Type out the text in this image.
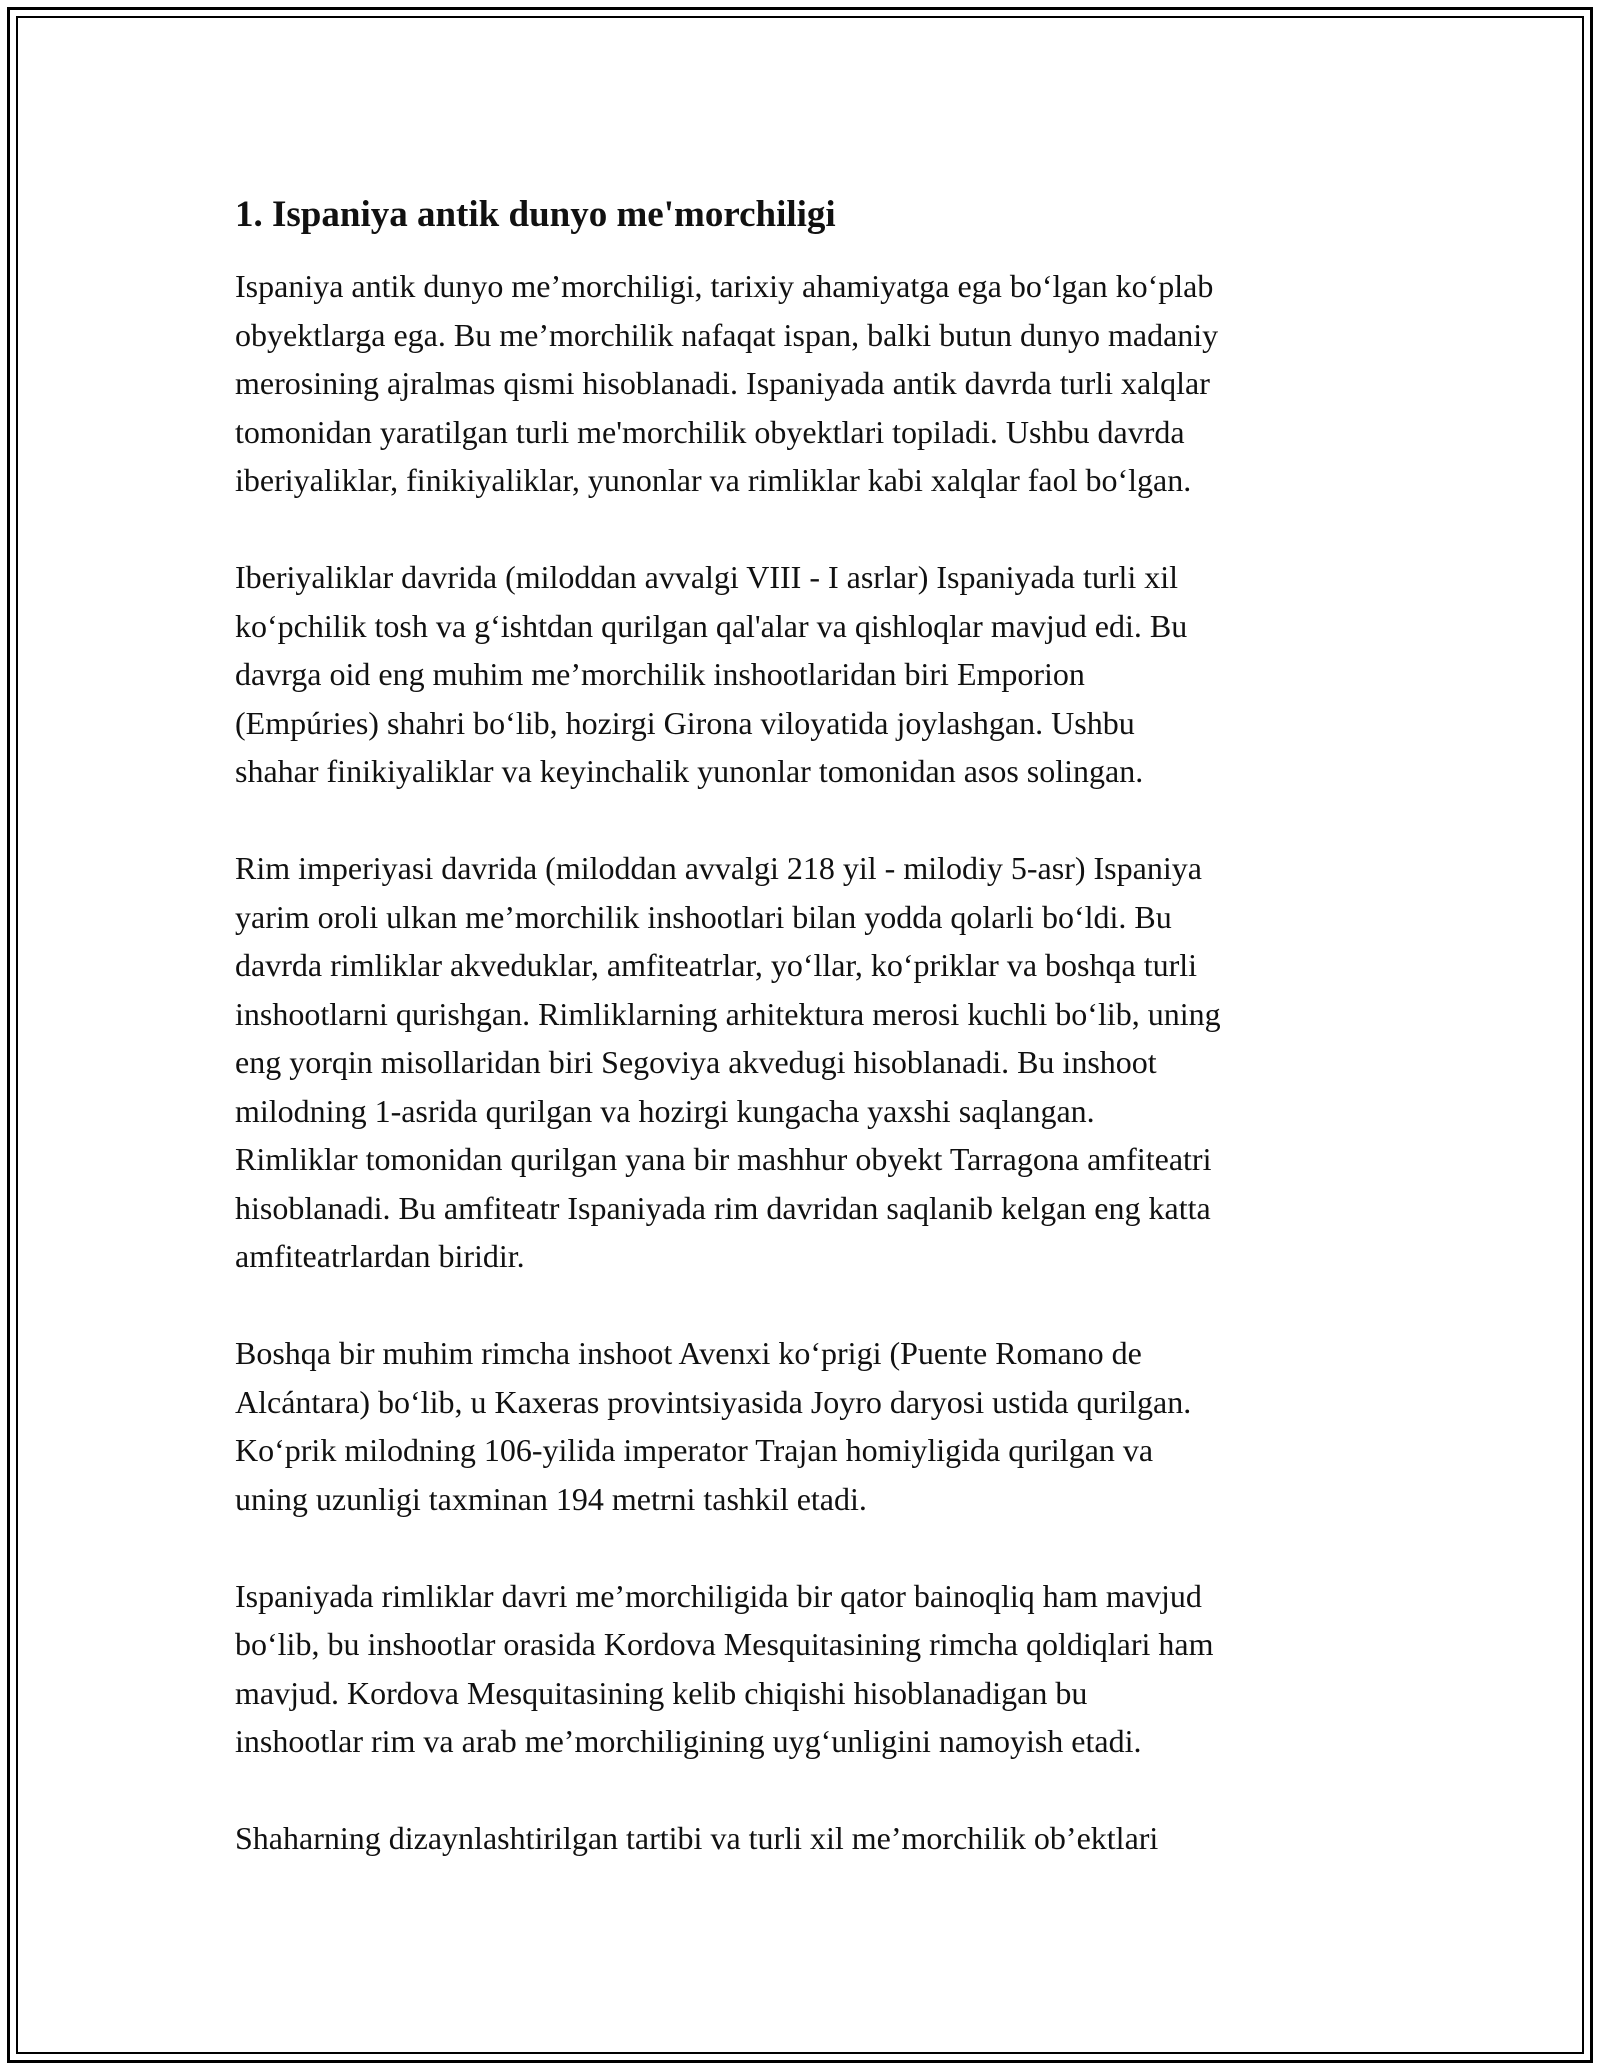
1. Ispaniya antik dunyo me'morchiligi

Ispaniya antik dunyo me’morchiligi, tarixiy ahamiyatga ega bo‘lgan ko‘plab
obyektlarga ega. Bu me’morchilik nafaqat ispan, balki butun dunyo madaniy
merosining ajralmas qismi hisoblanadi. Ispaniyada antik davrda turli xalqlar
tomonidan yaratilgan turli me'morchilik obyektlari topiladi. Ushbu davrda
iberiyaliklar, finikiyaliklar, yunonlar va rimliklar kabi xalqlar faol bo‘lgan.

Iberiyaliklar davrida (miloddan avvalgi VIII - I asrlar) Ispaniyada turli xil
ko‘pchilik tosh va g‘ishtdan qurilgan qal'alar va qishloqlar mavjud edi. Bu
davrga oid eng muhim me’morchilik inshootlaridan biri Emporion
(Empúries) shahri bo‘lib, hozirgi Girona viloyatida joylashgan. Ushbu
shahar finikiyaliklar va keyinchalik yunonlar tomonidan asos solingan.

Rim imperiyasi davrida (miloddan avvalgi 218 yil - milodiy 5-asr) Ispaniya
yarim oroli ulkan me’morchilik inshootlari bilan yodda qolarli bo‘ldi. Bu
davrda rimliklar akveduklar, amfiteatrlar, yo‘llar, ko‘priklar va boshqa turli
inshootlarni qurishgan. Rimliklarning arhitektura merosi kuchli bo‘lib, uning
eng yorqin misollaridan biri Segoviya akvedugi hisoblanadi. Bu inshoot
milodning 1-asrida qurilgan va hozirgi kungacha yaxshi saqlangan.
Rimliklar tomonidan qurilgan yana bir mashhur obyekt Tarragona amfiteatri
hisoblanadi. Bu amfiteatr Ispaniyada rim davridan saqlanib kelgan eng katta
amfiteatrlardan biridir.

Boshqa bir muhim rimcha inshoot Avenxi ko‘prigi (Puente Romano de
Alcántara) bo‘lib, u Kaxeras provintsiyasida Joyro daryosi ustida qurilgan.
Ko‘prik milodning 106-yilida imperator Trajan homiyligida qurilgan va
uning uzunligi taxminan 194 metrni tashkil etadi.

Ispaniyada rimliklar davri me’morchiligida bir qator bainoqliq ham mavjud
bo‘lib, bu inshootlar orasida Kordova Mesquitasining rimcha qoldiqlari ham
mavjud. Kordova Mesquitasining kelib chiqishi hisoblanadigan bu
inshootlar rim va arab me’morchiligining uyg‘unligini namoyish etadi.

Shaharning dizaynlashtirilgan tartibi va turli xil me’morchilik ob’ektlari
